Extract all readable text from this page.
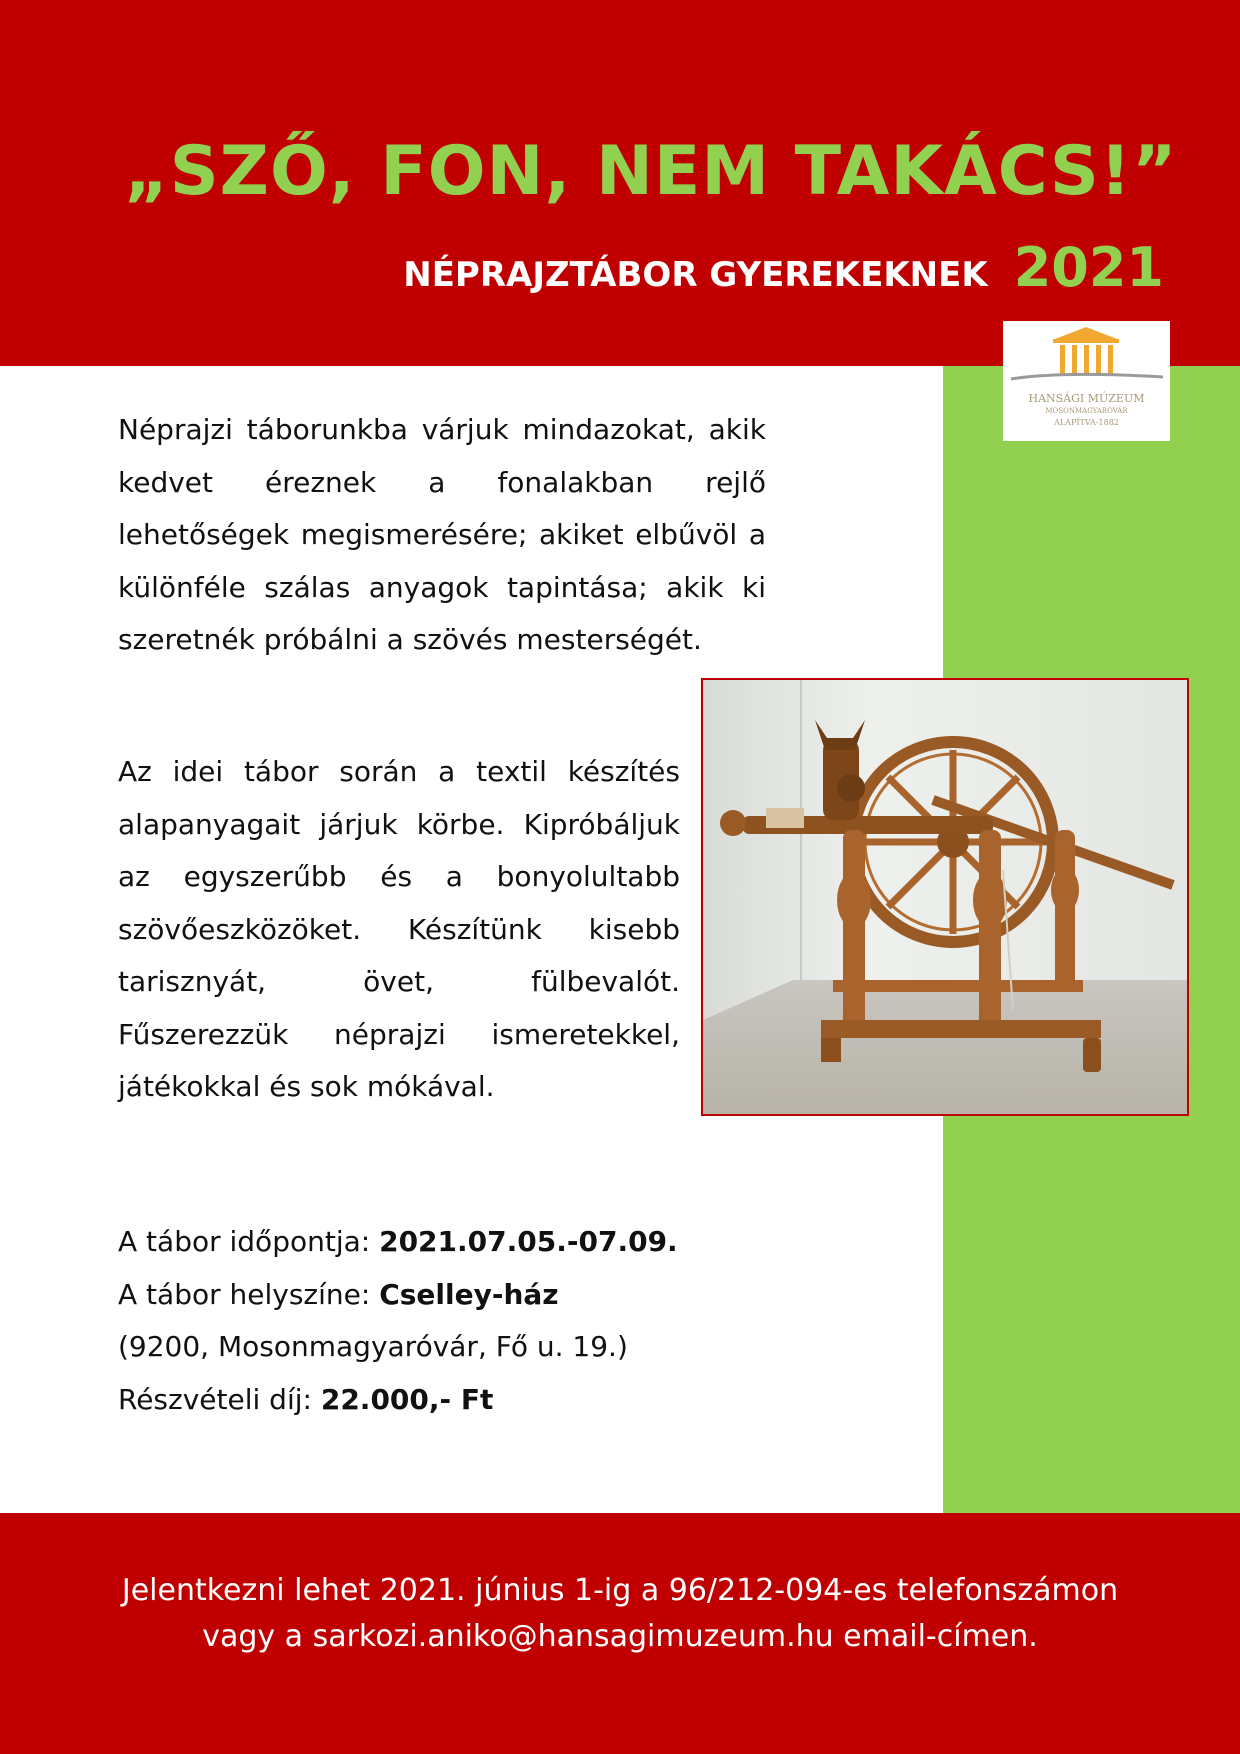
„SZŐ, FON, NEM TAKÁCS!”
NÉPRAJZTÁBOR GYEREKEKNEK 2021
HANSÁGI MÚZEUM
MOSONMAGYARÓVÁR
ALAPÍTVA-1882

Néprajzi táborunkba várjuk mindazokat, akik kedvet éreznek a fonalakban rejlő lehetőségek megismerésére; akiket elbűvöl a különféle szálas anyagok tapintása; akik ki szeretnék próbálni a szövés mesterségét.

Az idei tábor során a textil készítés alapanyagait járjuk körbe. Kipróbáljuk az egyszerűbb és a bonyolultabb szövőeszközöket. Készítünk kisebb tarisznyát, övet, fülbevalót. Fűszerezzük néprajzi ismeretekkel, játékokkal és sok mókával.

A tábor időpontja: 2021.07.05.-07.09.
A tábor helyszíne: Cselley-ház
(9200, Mosonmagyaróvár, Fő u. 19.)
Részvételi díj: 22.000,- Ft
Jelentkezni lehet 2021. június 1-ig a 96/212-094-es telefonszámon
vagy a sarkozi.aniko@hansagimuzeum.hu email-címen.
